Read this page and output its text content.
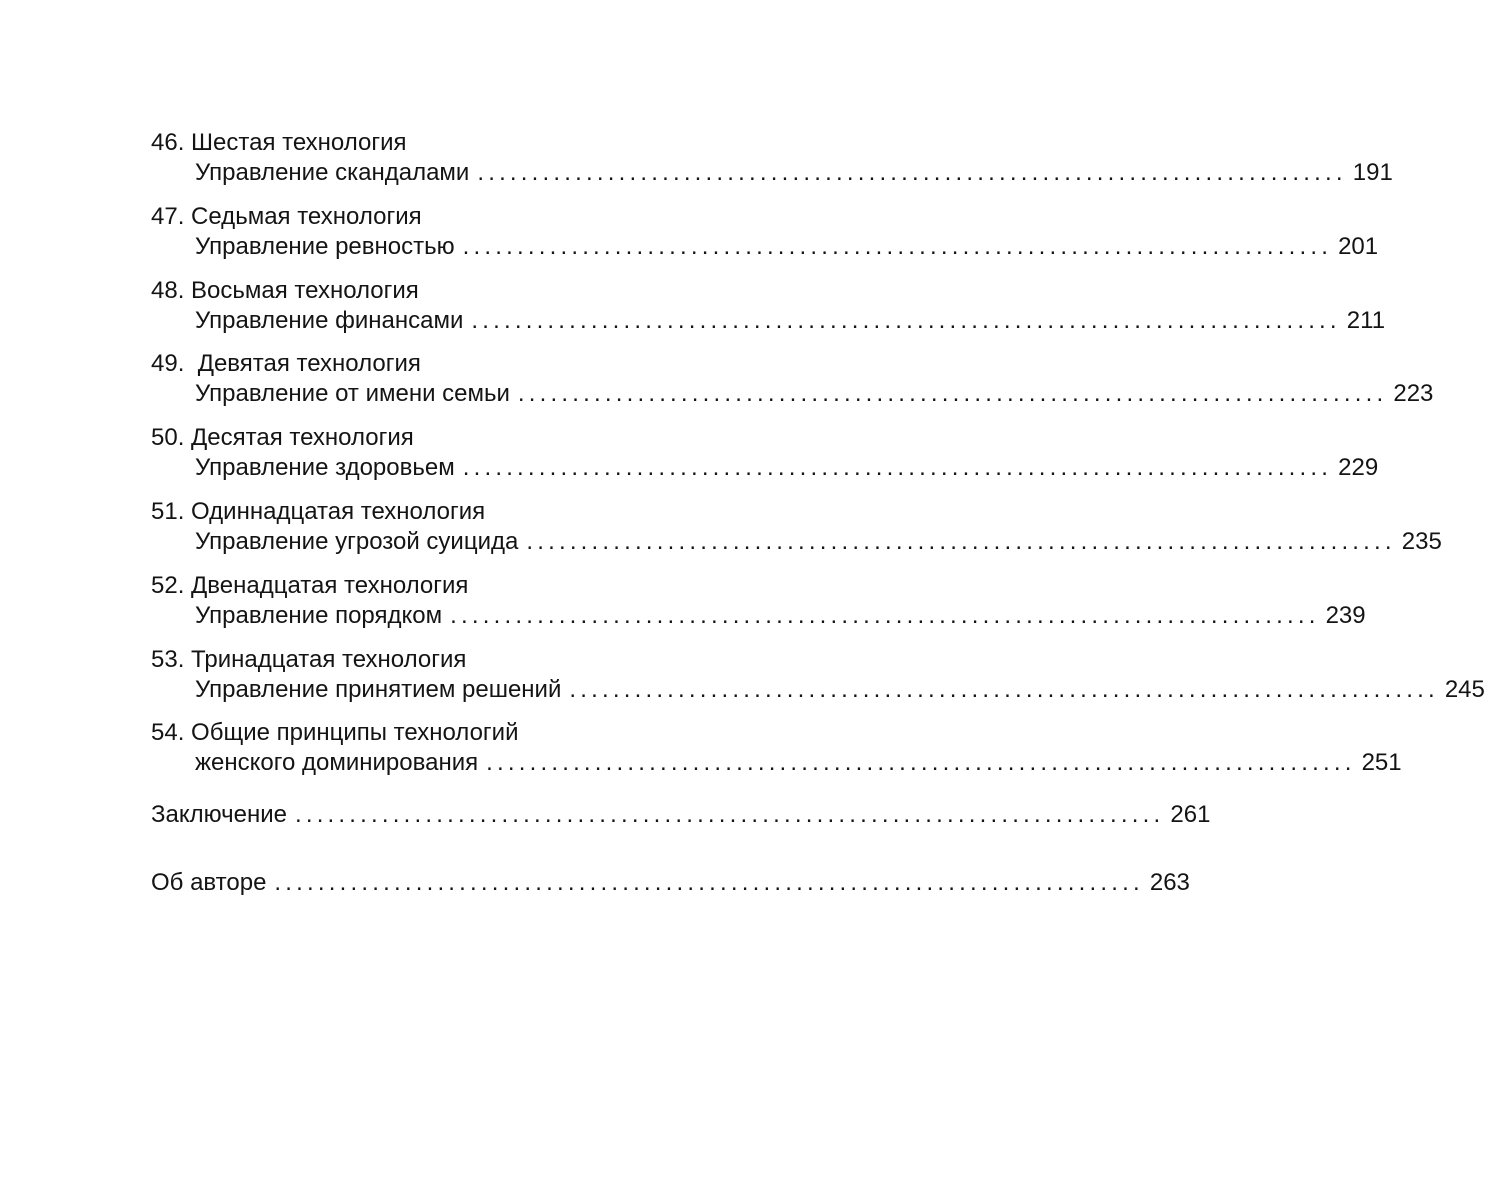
46. Шестая технология
Управление скандалами ................................................................................ 191
47. Седьмая технология
Управление ревностью ................................................................................ 201
48. Восьмая технология
Управление финансами ................................................................................ 211
49.  Девятая технология
Управление от имени семьи ................................................................................ 223
50. Десятая технология
Управление здоровьем ................................................................................ 229
51. Одиннадцатая технология
Управление угрозой суицида ................................................................................ 235
52. Двенадцатая технология
Управление порядком ................................................................................ 239
53. Тринадцатая технология
Управление принятием решений ................................................................................ 245
54. Общие принципы технологий
женского доминирования ................................................................................ 251
Заключение ................................................................................ 261
Об авторе ................................................................................ 263
